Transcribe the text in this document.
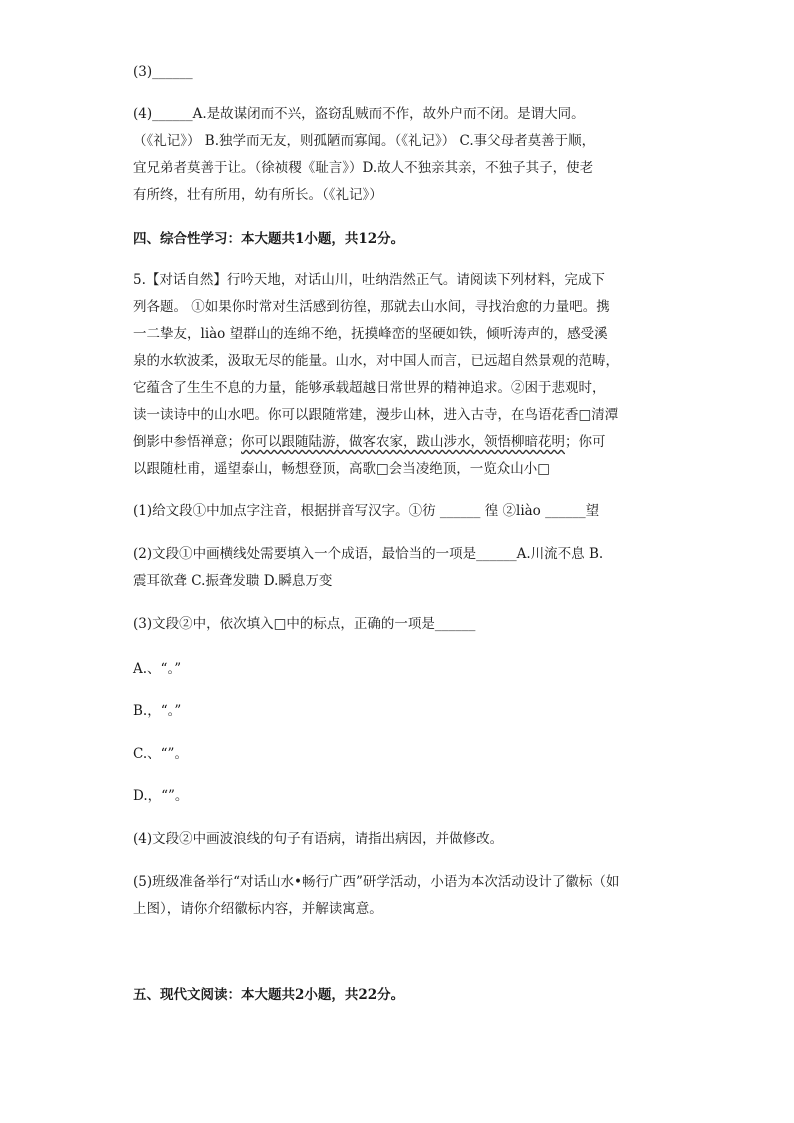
(3)______
(4)______A.是故谋闭而不兴，盗窃乱贼而不作，故外户而不闭。是谓大同。
（《礼记》） B.独学而无友，则孤陋而寡闻。（《礼记》） C.事父母者莫善于顺，
宜兄弟者莫善于让。（徐祯稷《耻言》）D.故人不独亲其亲，不独子其子，使老
有所终，壮有所用，幼有所长。（《礼记》）
四、综合性学习：本大题共1小题，共12分。
5.【对话自然】行吟天地，对话山川，吐纳浩然正气。请阅读下列材料，完成下
列各题。 ①如果你时常对生活感到彷徨，那就去山水间，寻找治愈的力量吧。携
一二挚友，liào 望群山的连绵不绝，抚摸峰峦的坚硬如铁，倾听涛声的，感受溪
泉的水软波柔，汲取无尽的能量。山水，对中国人而言，已远超自然景观的范畴，
它蕴含了生生不息的力量，能够承载超越日常世界的精神追求。②困于悲观时，
读一读诗中的山水吧。你可以跟随常建，漫步山林，进入古寺，在鸟语花香□清潭
倒影中参悟禅意；你可以跟随陆游，做客农家，跋山涉水，领悟柳暗花明；你可
以跟随杜甫，遥望泰山，畅想登顶，高歌□会当凌绝顶，一览众山小□
(1)给文段①中加点字注音，根据拼音写汉字。①彷 ______ 徨 ②liào ______望
(2)文段①中画横线处需要填入一个成语，最恰当的一项是______A.川流不息 B.
震耳欲聋 C.振聋发聩 D.瞬息万变
(3)文段②中，依次填入□中的标点，正确的一项是______
A.、“。”
B.，“。”
C.、“”。
D.，“”。
(4)文段②中画波浪线的句子有语病，请指出病因，并做修改。
(5)班级准备举行“对话山水•畅行广西”研学活动，小语为本次活动设计了徽标（如
上图），请你介绍徽标内容，并解读寓意。
五、现代文阅读：本大题共2小题，共22分。
